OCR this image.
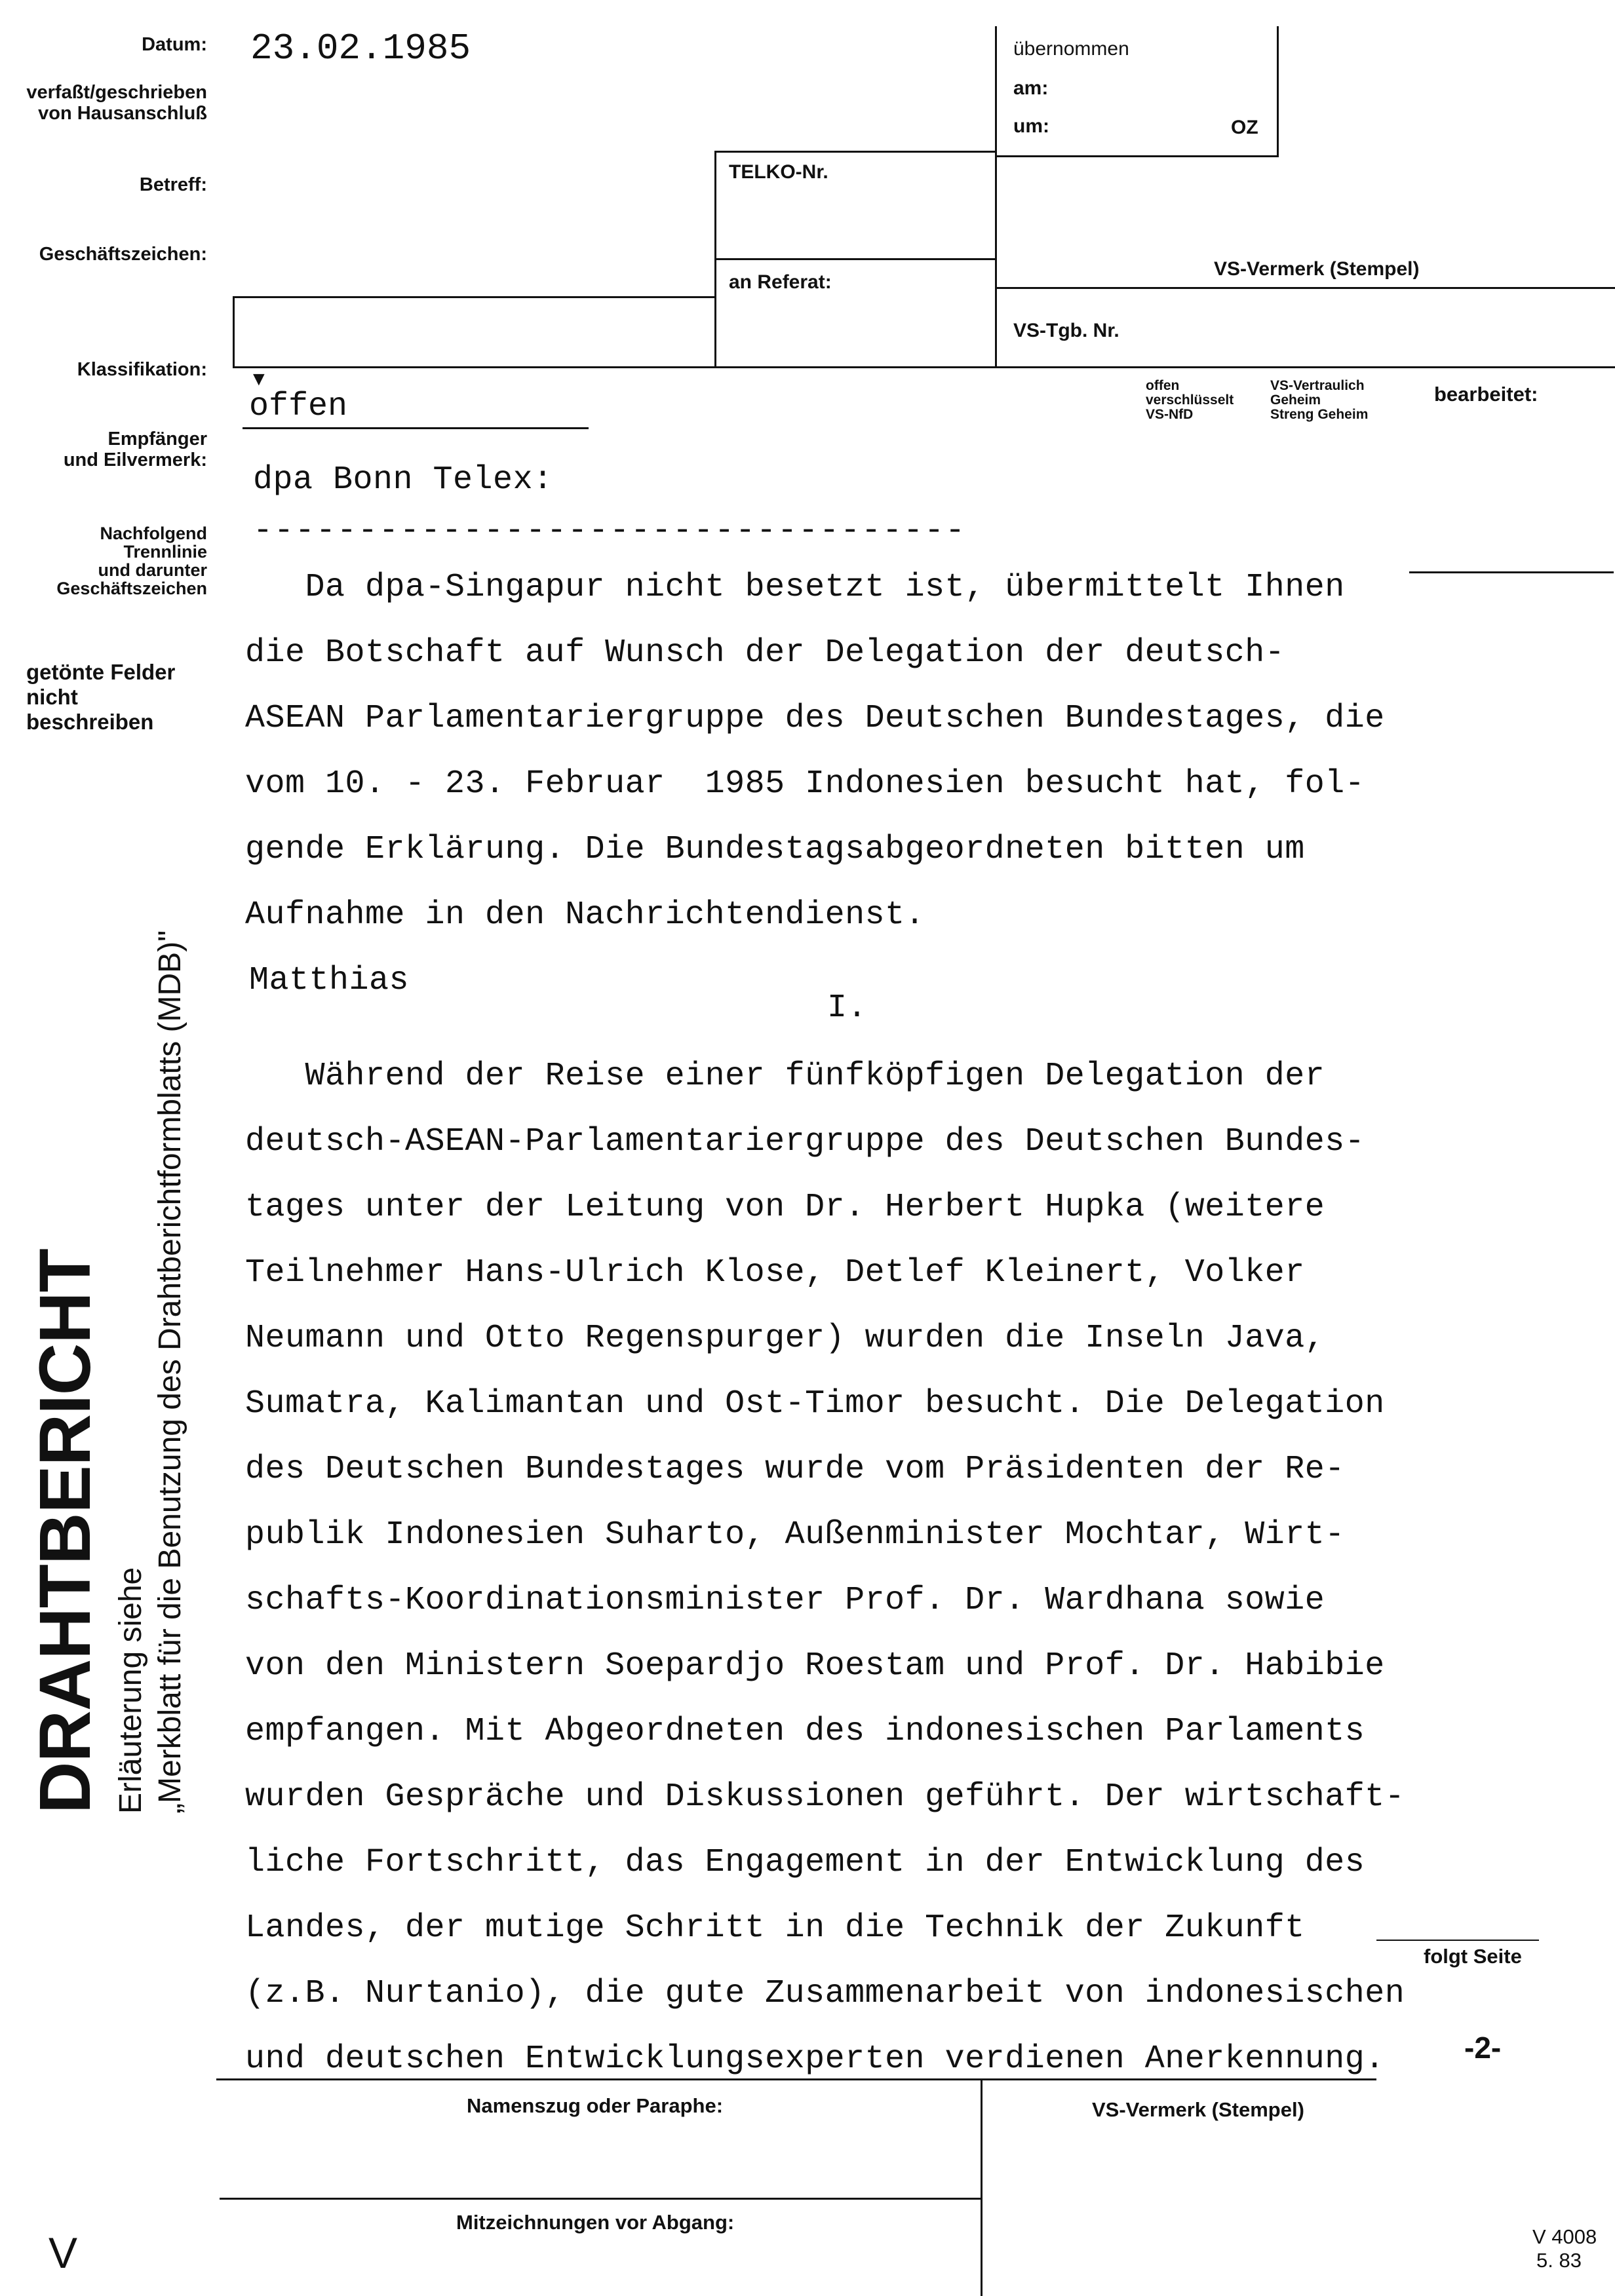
Datum:
verfaßt/geschrieben
von Hausanschluß
Betreff:
Geschäftszeichen:
Klassifikation:
Empfänger
und Eilvermerk:
Nachfolgend
Trennlinie
und darunter
Geschäftszeichen
getönte Felder
nicht
beschreiben
23.02.1985	übernommen
am:
um:	OZ
TELKO-Nr.
an Referat:
VS-Vermerk (Stempel)
VS-Tgb. Nr.
▼
offen
offen
verschlüsselt
VS-NfD
VS-Vertraulich
Geheim
Streng Geheim
bearbeitet:
folgt Seite
-2-
DRAHTBERICHT Erläuterung siehe „Merkblatt für die Benutzung des Drahtberichtformblatts (MDB)"
dpa Bonn Telex:
----------------------------------
Da dpa-Singapur nicht besetzt ist, übermittelt Ihnen
die Botschaft auf Wunsch der Delegation der deutsch-
ASEAN Parlamentariergruppe des Deutschen Bundestages, die
vom 10. - 23. Februar  1985 Indonesien besucht hat, fol-
gende Erklärung. Die Bundestagsabgeordneten bitten um
Aufnahme in den Nachrichtendienst.
Matthias
I.
Während der Reise einer fünfköpfigen Delegation der
deutsch-ASEAN-Parlamentariergruppe des Deutschen Bundes-
tages unter der Leitung von Dr. Herbert Hupka (weitere
Teilnehmer Hans-Ulrich Klose, Detlef Kleinert, Volker
Neumann und Otto Regenspurger) wurden die Inseln Java,
Sumatra, Kalimantan und Ost-Timor besucht. Die Delegation
des Deutschen Bundestages wurde vom Präsidenten der Re-
publik Indonesien Suharto, Außenminister Mochtar, Wirt-
schafts-Koordinationsminister Prof. Dr. Wardhana sowie
von den Ministern Soepardjo Roestam und Prof. Dr. Habibie
empfangen. Mit Abgeordneten des indonesischen Parlaments
wurden Gespräche und Diskussionen geführt. Der wirtschaft-
liche Fortschritt, das Engagement in der Entwicklung des
Landes, der mutige Schritt in die Technik der Zukunft
(z.B. Nurtanio), die gute Zusammenarbeit von indonesischen
und deutschen Entwicklungsexperten verdienen Anerkennung.
Namenszug oder Paraphe:	VS-Vermerk (Stempel)
Mitzeichnungen vor Abgang:
V 4008
5. 83
V
